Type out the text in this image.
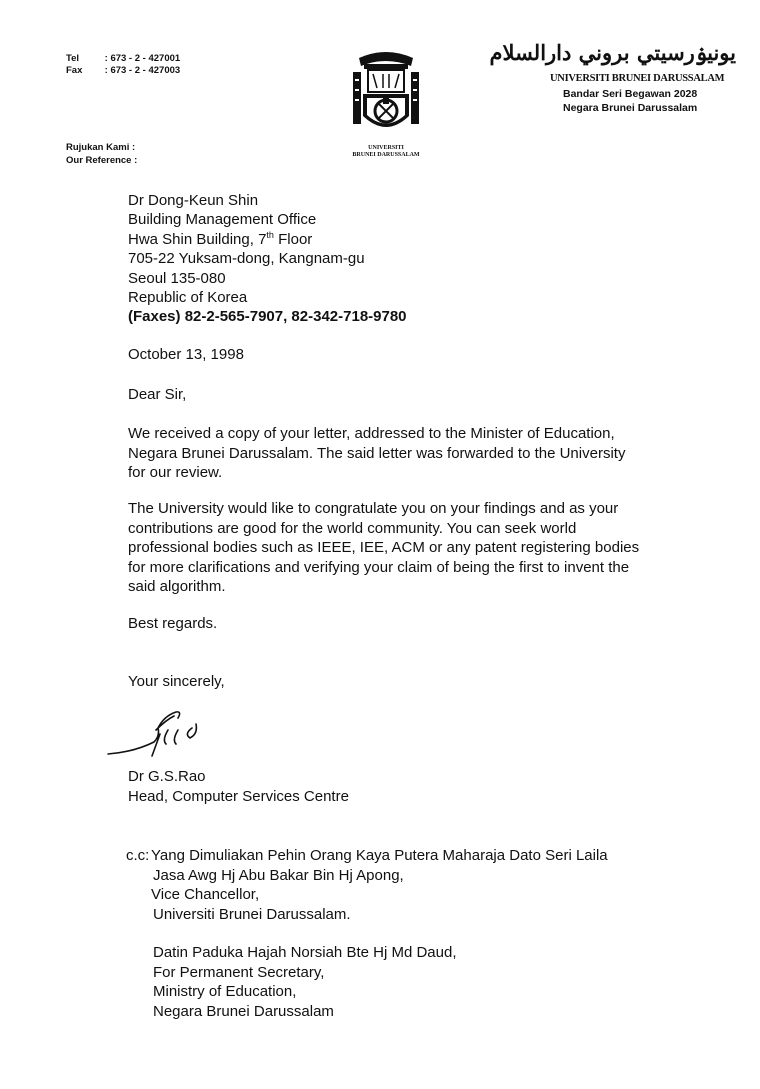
Tel	: 673 - 2 - 427001
Fax : 673 - 2 - 427003
UNIVERSITI
BRUNEI DARUSSALAM
يونيۏرسيتي بروني دارالسلام
UNIVERSITI BRUNEI DARUSSALAM
Bandar Seri Begawan 2028
Negara Brunei Darussalam
Rujukan Kami :
Our Reference :
Dr Dong-Keun Shin
Building Management Office
Hwa Shin Building, 7th Floor
705-22 Yuksam-dong, Kangnam-gu
Seoul 135-080
Republic of Korea
(Faxes) 82-2-565-7907, 82-342-718-9780
October 13, 1998
Dear Sir,
We received a copy of your letter, addressed to the Minister of Education,
Negara Brunei Darussalam. The said letter was forwarded to the University
for our review.
The University would like to congratulate you on your findings and as your
contributions are good for the world community. You can seek world
professional bodies such as IEEE, IEE, ACM or any patent registering bodies
for more clarifications and verifying your claim of being the first to invent the
said algorithm.
Best regards.
Your sincerely,
Dr G.S.Rao
Head, Computer Services Centre
c.c: Yang Dimuliakan Pehin Orang Kaya Putera Maharaja Dato Seri Laila
Jasa Awg Hj Abu Bakar Bin Hj Apong,
Vice Chancellor,
Universiti Brunei Darussalam.
Datin Paduka Hajah Norsiah Bte Hj Md Daud,
For Permanent Secretary,
Ministry of Education,
Negara Brunei Darussalam
